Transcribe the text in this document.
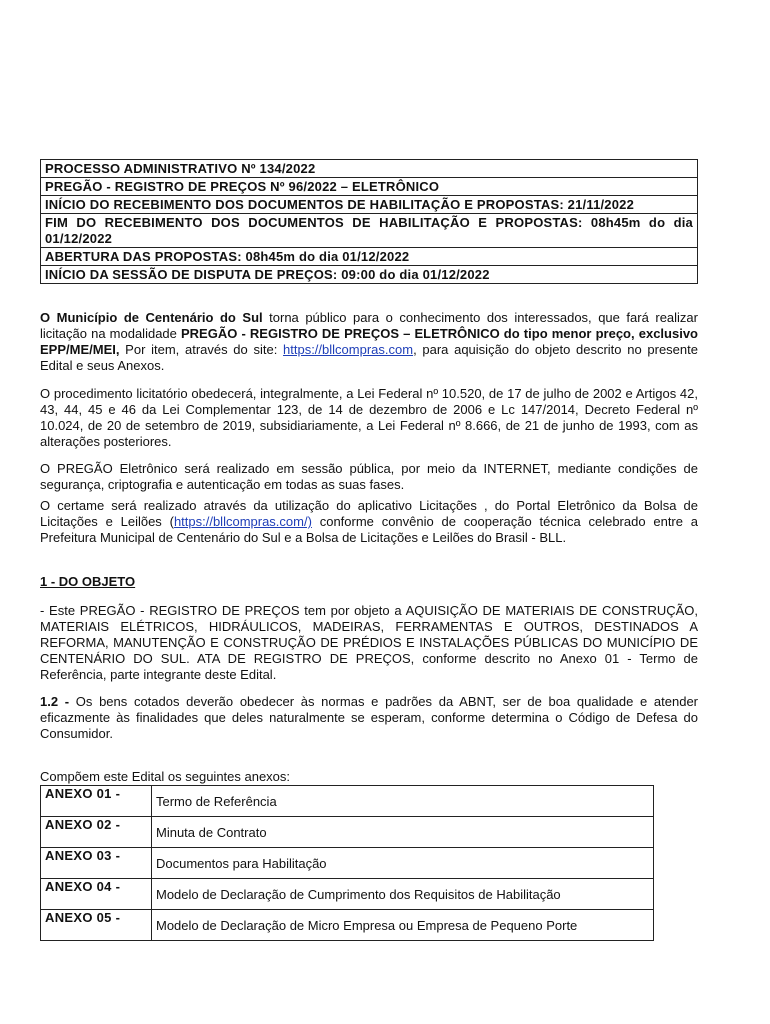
PROCESSO ADMINISTRATIVO Nº 134/2022
PREGÃO - REGISTRO DE PREÇOS Nº 96/2022 – ELETRÔNICO
INÍCIO DO RECEBIMENTO DOS DOCUMENTOS DE HABILITAÇÃO E PROPOSTAS: 21/11/2022
FIM DO RECEBIMENTO DOS DOCUMENTOS DE HABILITAÇÃO E PROPOSTAS: 08h45m do dia 01/12/2022
ABERTURA DAS PROPOSTAS: 08h45m do dia 01/12/2022
INÍCIO DA SESSÃO DE DISPUTA DE PREÇOS: 09:00 do dia 01/12/2022

O Município de Centenário do Sul torna público para o conhecimento dos interessados, que fará realizar licitação na modalidade PREGÃO - REGISTRO DE PREÇOS – ELETRÔNICO do tipo menor preço, exclusivo EPP/ME/MEI, Por item, através do site: https://bllcompras.com, para aquisição do objeto descrito no presente Edital e seus Anexos.

O procedimento licitatório obedecerá, integralmente, a Lei Federal nº 10.520, de 17 de julho de 2002 e Artigos 42, 43, 44, 45 e 46 da Lei Complementar 123, de 14 de dezembro de 2006 e Lc 147/2014, Decreto Federal nº 10.024, de 20 de setembro de 2019, subsidiariamente, a Lei Federal nº 8.666, de 21 de junho de 1993, com as alterações posteriores.

O PREGÃO Eletrônico será realizado em sessão pública, por meio da INTERNET, mediante condições de segurança, criptografia e autenticação em todas as suas fases.

O certame será realizado através da utilização do aplicativo Licitações , do Portal Eletrônico da Bolsa de Licitações e Leilões (https://bllcompras.com/) conforme convênio de cooperação técnica celebrado entre a Prefeitura Municipal de Centenário do Sul e a Bolsa de Licitações e Leilões do Brasil - BLL.

1 - DO OBJETO

- Este PREGÃO - REGISTRO DE PREÇOS tem por objeto a AQUISIÇÃO DE MATERIAIS DE CONSTRUÇÃO, MATERIAIS ELÉTRICOS, HIDRÁULICOS, MADEIRAS, FERRAMENTAS E OUTROS, DESTINADOS A REFORMA, MANUTENÇÃO E CONSTRUÇÃO DE PRÉDIOS E INSTALAÇÕES PÚBLICAS DO MUNICÍPIO DE CENTENÁRIO DO SUL. ATA DE REGISTRO DE PREÇOS, conforme descrito no Anexo 01 - Termo de Referência, parte integrante deste Edital.

1.2 - Os bens cotados deverão obedecer às normas e padrões da ABNT, ser de boa qualidade e atender eficazmente às finalidades que deles naturalmente se esperam, conforme determina o Código de Defesa do Consumidor.

Compõem este Edital os seguintes anexos:

ANEXO 01 -	Termo de Referência
ANEXO 02 -	Minuta de Contrato
ANEXO 03 -	Documentos para Habilitação
ANEXO 04 -	Modelo de Declaração de Cumprimento dos Requisitos de Habilitação
ANEXO 05 -	Modelo de Declaração de Micro Empresa ou Empresa de Pequeno Porte
